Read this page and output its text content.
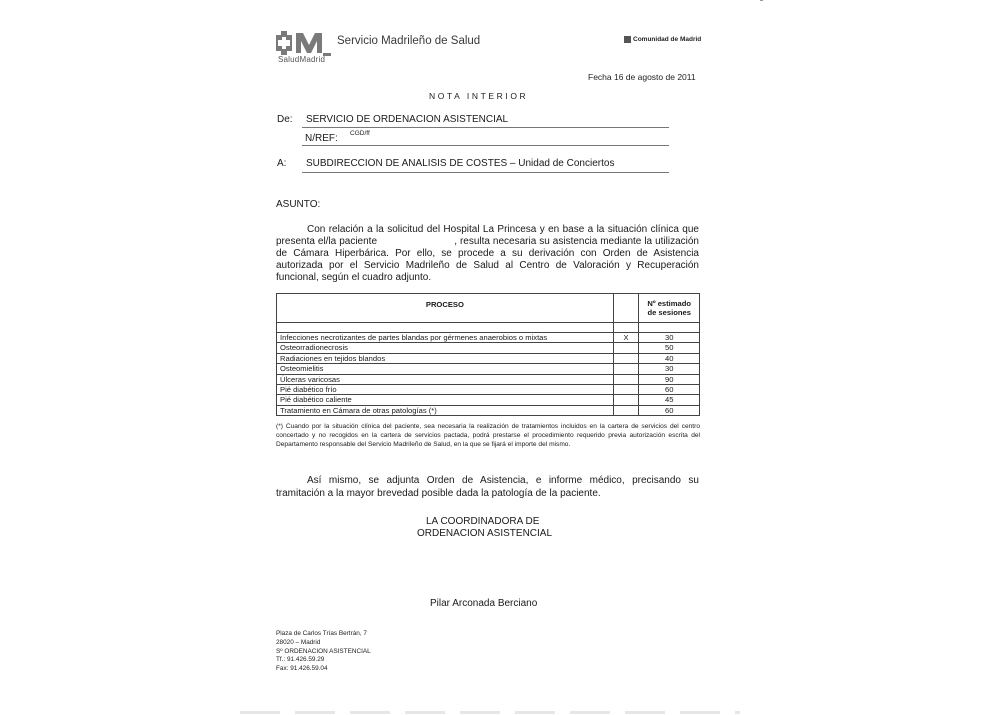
SaludMadrid
Servicio Madrileño de Salud	Comunidad de Madrid
Fecha 16 de agosto de 2011
NOTA INTERIOR
De: SERVICIO DE ORDENACION ASISTENCIAL
N/REF: CGD/ff
A: SUBDIRECCION DE ANALISIS DE COSTES – Unidad de Conciertos
ASUNTO:

Con relación a la solicitud del Hospital La Princesa y en base a la situación clínica que presenta el/la paciente                          , resulta necesaria su asistencia mediante la utilización de Cámara Hiperbárica. Por ello, se procede a su derivación con Orden de Asistencia autorizada por el Servicio Madrileño de Salud al Centro de Valoración y Recuperación funcional, según el cuadro adjunto.

PROCESO		Nº estimado
de sesiones

Infecciones necrotizantes de partes blandas por gérmenes anaerobios o mixtas	X	30
Osteorradionecrosis		50
Radiaciones en tejidos blandos		40
Osteomielitis		30
Úlceras varicosas		90
Pié diabético frío		60
Pié diabético caliente		45
Tratamiento en Cámara de otras patologías (*)		60
(*) Cuando por la situación clínica del paciente, sea necesaria la realización de tratamientos incluidos en la cartera de servicios del centro concertado y no recogidos en la cartera de servicios pactada, podrá prestarse el procedimiento requerido previa autorización escrita del Departamento responsable del Servicio Madrileño de Salud, en la que se fijará el importe del mismo.

Así mismo, se adjunta Orden de Asistencia, e informe médico, precisando su tramitación a la mayor brevedad posible dada la patología de la paciente.

LA COORDINADORA DE
ORDENACION ASISTENCIAL
Pilar Arconada Berciano
Plaza de Carlos Trías Bertrán, 7
28020 – Madrid
Sº ORDENACION ASISTENCIAL
Tf.: 91.426.59.29
Fax: 91.426.59.04
